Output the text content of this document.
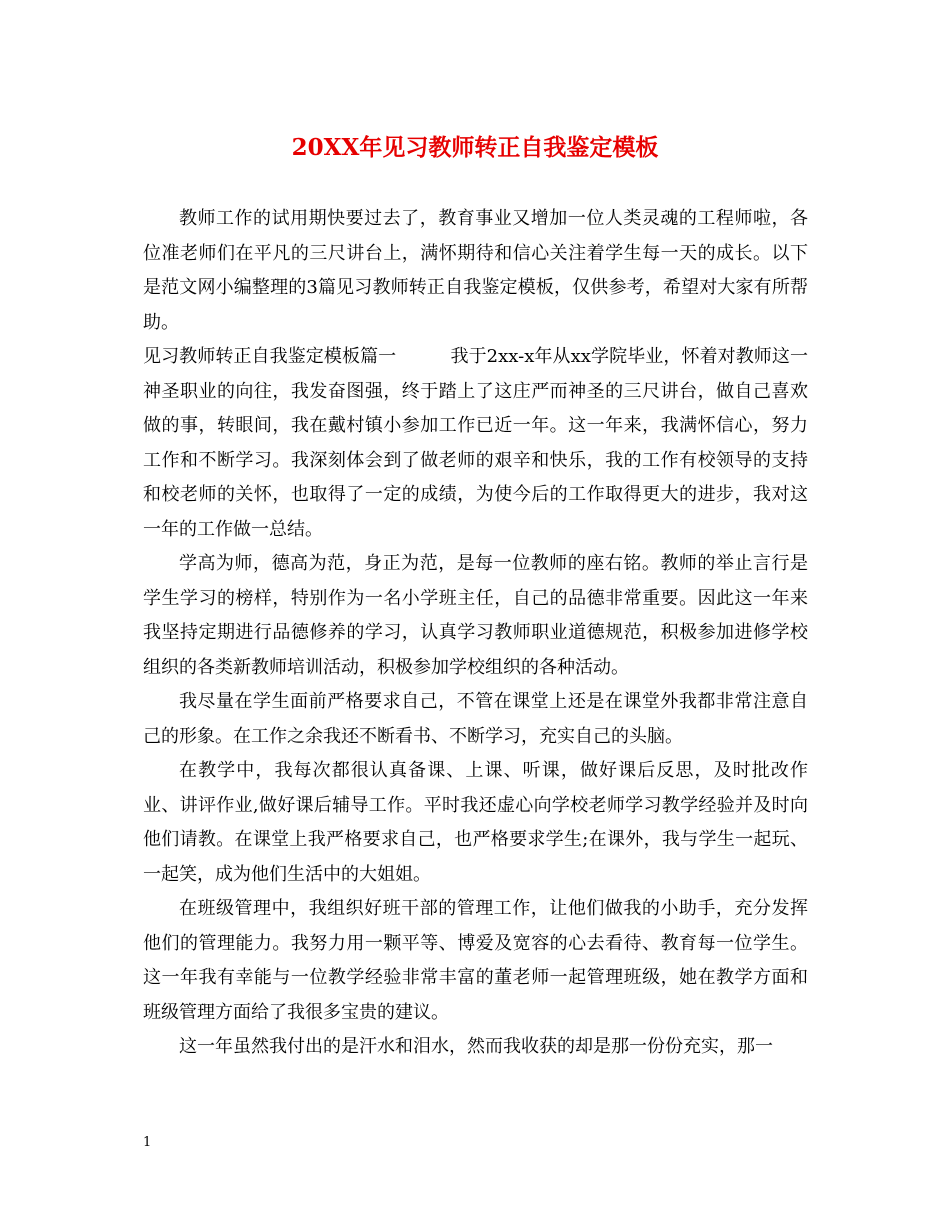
20XX年见习教师转正自我鉴定模板

教师工作的试用期快要过去了，教育事业又增加一位人类灵魂的工程师啦，各位准老师们在平凡的三尺讲台上，满怀期待和信心关注着学生每一天的成长。以下是范文网小编整理的3篇见习教师转正自我鉴定模板，仅供参考，希望对大家有所帮助。

见习教师转正自我鉴定模板篇一　　　我于2xx-x年从xx学院毕业，怀着对教师这一神圣职业的向往，我发奋图强，终于踏上了这庄严而神圣的三尺讲台，做自己喜欢做的事，转眼间，我在戴村镇小参加工作已近一年。这一年来，我满怀信心，努力工作和不断学习。我深刻体会到了做老师的艰辛和快乐，我的工作有校领导的支持和校老师的关怀，也取得了一定的成绩，为使今后的工作取得更大的进步，我对这一年的工作做一总结。

学高为师，德高为范，身正为范，是每一位教师的座右铭。教师的举止言行是学生学习的榜样，特别作为一名小学班主任，自己的品德非常重要。因此这一年来我坚持定期进行品德修养的学习，认真学习教师职业道德规范，积极参加进修学校组织的各类新教师培训活动，积极参加学校组织的各种活动。

我尽量在学生面前严格要求自己，不管在课堂上还是在课堂外我都非常注意自己的形象。在工作之余我还不断看书、不断学习，充实自己的头脑。

在教学中，我每次都很认真备课、上课、听课，做好课后反思，及时批改作业、讲评作业,做好课后辅导工作。平时我还虚心向学校老师学习教学经验并及时向他们请教。在课堂上我严格要求自己，也严格要求学生;在课外，我与学生一起玩、一起笑，成为他们生活中的大姐姐。

在班级管理中，我组织好班干部的管理工作，让他们做我的小助手，充分发挥他们的管理能力。我努力用一颗平等、博爱及宽容的心去看待、教育每一位学生。这一年我有幸能与一位教学经验非常丰富的董老师一起管理班级，她在教学方面和班级管理方面给了我很多宝贵的建议。

这一年虽然我付出的是汗水和泪水，然而我收获的却是那一份份充实，那一

1
